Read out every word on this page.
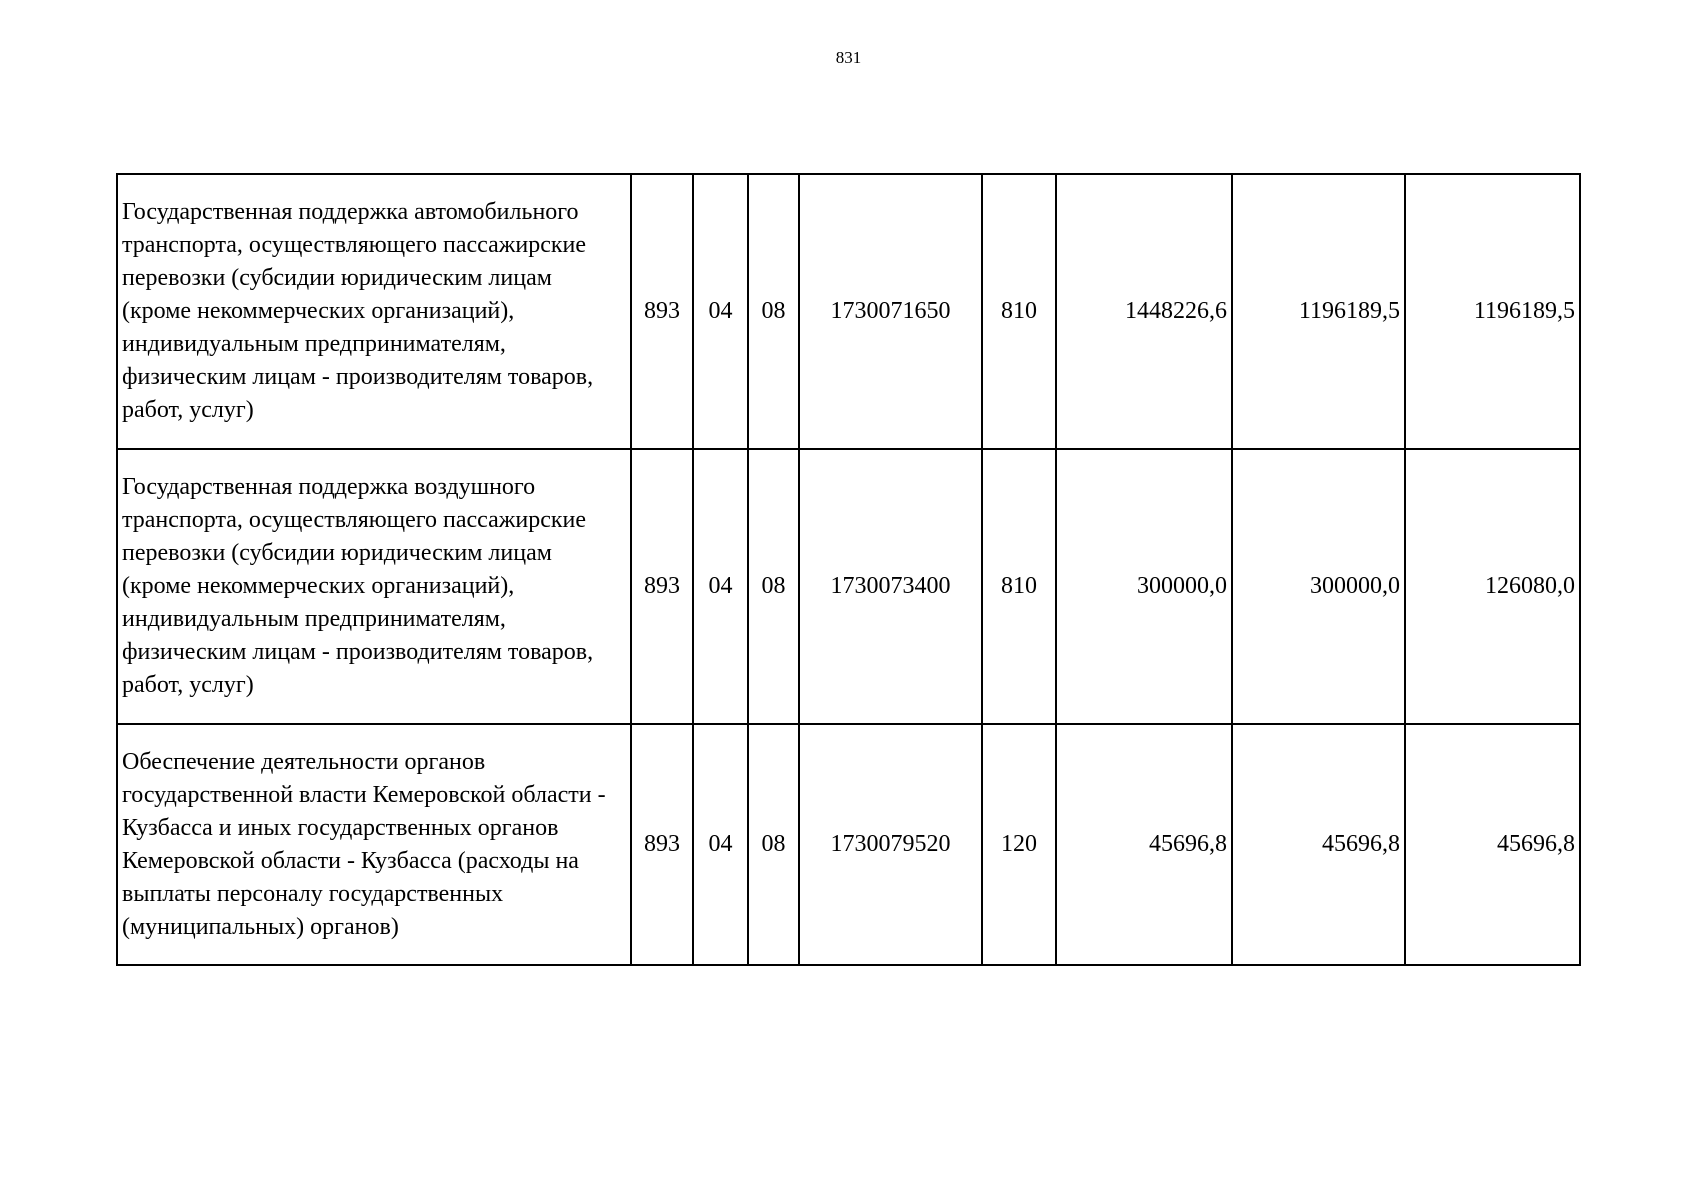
831
Государственная поддержка автомобильного транспорта, осуществляющего пассажирские перевозки (субсидии юридическим лицам (кроме некоммерческих организаций), индивидуальным предпринимателям, физическим лицам - производителям товаров, работ, услуг)	893	04	08	1730071650	810	1448226,6	1196189,5	1196189,5
Государственная поддержка воздушного транспорта, осуществляющего пассажирские перевозки (субсидии юридическим лицам (кроме некоммерческих организаций), индивидуальным предпринимателям, физическим лицам - производителям товаров, работ, услуг)	893	04	08	1730073400	810	300000,0	300000,0	126080,0
Обеспечение деятельности органов государственной власти Кемеровской области - Кузбасса и иных государственных органов Кемеровской области - Кузбасса (расходы на выплаты персоналу государственных (муниципальных) органов)	893	04	08	1730079520	120	45696,8	45696,8	45696,8
